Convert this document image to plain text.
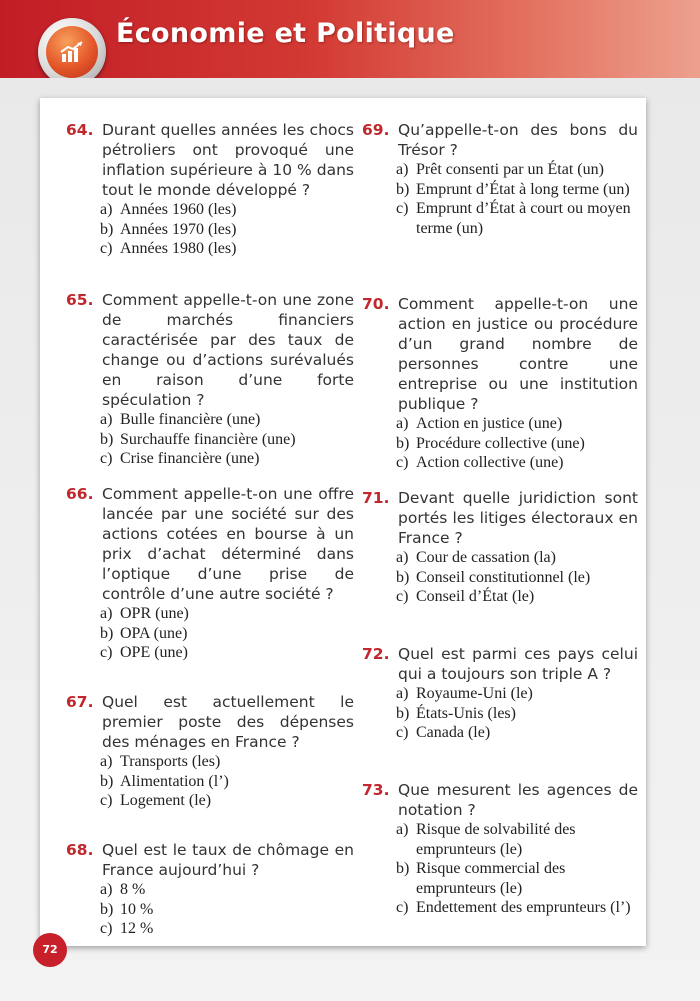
Économie et Politique
64. Durant quelles années les chocs pétroliers ont provoqué une inflation supérieure à 10 % dans tout le monde développé ?
a) Années 1960 (les)
b) Années 1970 (les)
c) Années 1980 (les)
65. Comment appelle-t-on une zone de marchés financiers caractérisée par des taux de change ou d’actions surévalués en raison d’une forte spéculation ?
a) Bulle financière (une)
b) Surchauffe financière (une)
c) Crise financière (une)
66. Comment appelle-t-on une offre lancée par une société sur des actions cotées en bourse à un prix d’achat déterminé dans l’optique d’une prise de contrôle d’une autre société ?
a) OPR (une)
b) OPA (une)
c) OPE (une)
67. Quel est actuellement le premier poste des dépenses des ménages en France ?
a) Transports (les)
b) Alimentation (l’)
c) Logement (le)
68. Quel est le taux de chômage en France aujourd’hui ?
a) 8 %
b) 10 %
c) 12 %
69. Qu’appelle-t-on des bons du Trésor ?
a) Prêt consenti par un État (un)
b) Emprunt d’État à long terme (un)
c) Emprunt d’État à court ou moyen terme (un)
70. Comment appelle-t-on une action en justice ou procédure d’un grand nombre de personnes contre une entreprise ou une institution publique ?
a) Action en justice (une)
b) Procédure collective (une)
c) Action collective (une)
71. Devant quelle juridiction sont portés les litiges électoraux en France ?
a) Cour de cassation (la)
b) Conseil constitutionnel (le)
c) Conseil d’État (le)
72. Quel est parmi ces pays celui qui a toujours son triple A ?
a) Royaume-Uni (le)
b) États-Unis (les)
c) Canada (le)
73. Que mesurent les agences de notation ?
a) Risque de solvabilité des emprunteurs (le)
b) Risque commercial des emprunteurs (le)
c) Endettement des emprunteurs (l’)
72
